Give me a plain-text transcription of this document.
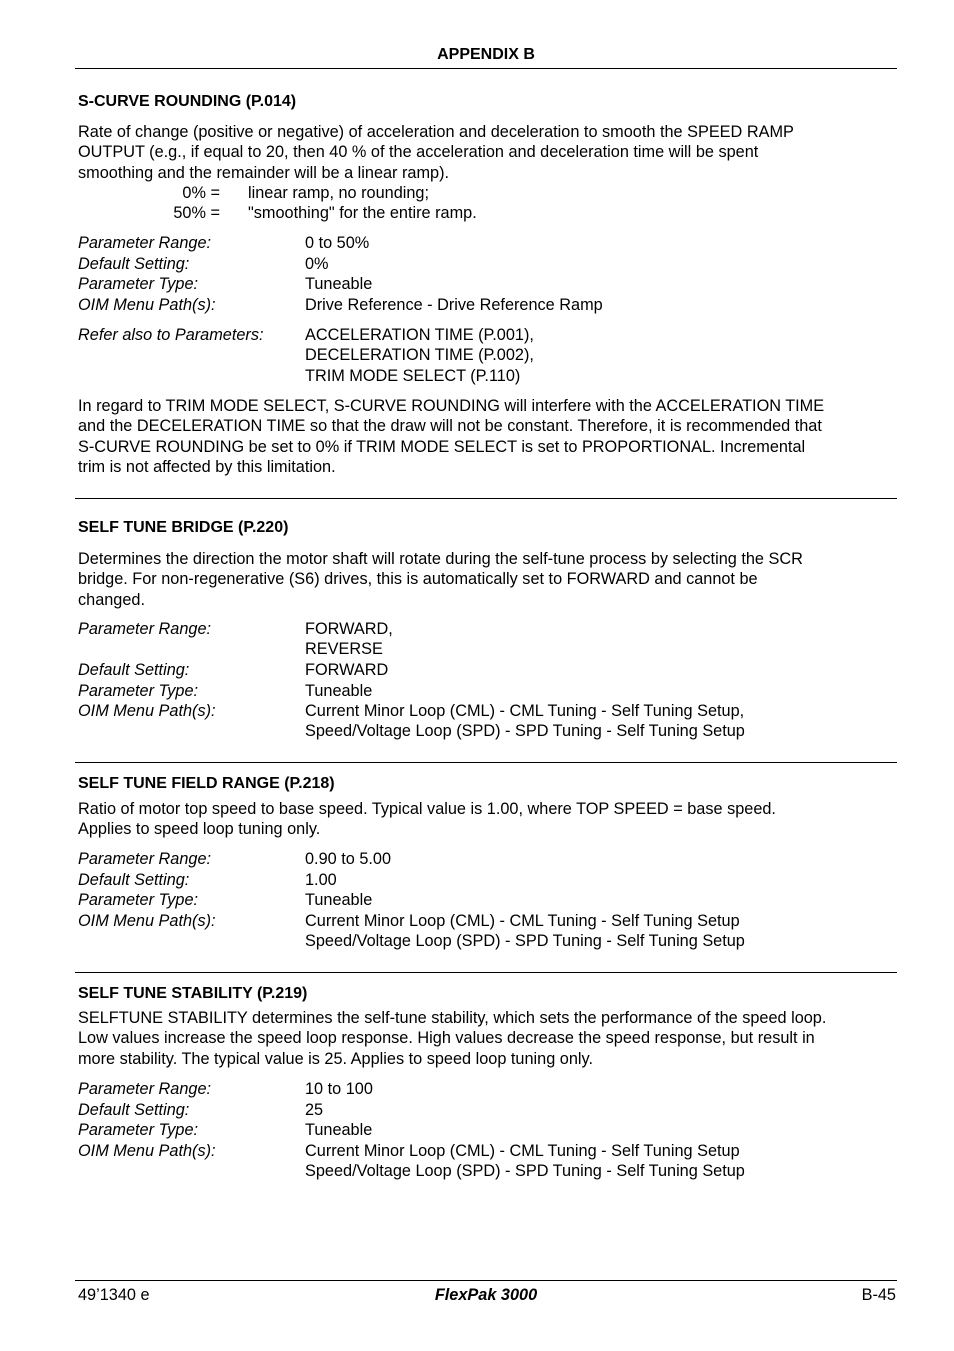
APPENDIX B
S-CURVE ROUNDING (P.014)
Rate of change (positive or negative) of acceleration and deceleration to smooth the SPEED RAMP
OUTPUT (e.g., if equal to 20, then 40 % of the acceleration and deceleration time will be spent
smoothing and the remainder will be a linear ramp).
0% = linear ramp, no rounding;
50% = "smoothing" for the entire ramp.
Parameter Range:	0 to 50%
Default Setting:	0%
Parameter Type:	Tuneable
OIM Menu Path(s):	Drive Reference - Drive Reference Ramp
Refer also to Parameters:	ACCELERATION TIME (P.001),
DECELERATION TIME (P.002),
TRIM MODE SELECT (P.110)
In regard to TRIM MODE SELECT, S-CURVE ROUNDING will interfere with the ACCELERATION TIME
and the DECELERATION TIME so that the draw will not be constant. Therefore, it is recommended that
S-CURVE ROUNDING be set to 0% if TRIM MODE SELECT is set to PROPORTIONAL. Incremental
trim is not affected by this limitation.
SELF TUNE BRIDGE (P.220)
Determines the direction the motor shaft will rotate during the self-tune process by selecting the SCR
bridge. For non-regenerative (S6) drives, this is automatically set to FORWARD and cannot be
changed.
Parameter Range:	FORWARD,
REVERSE
Default Setting:	FORWARD
Parameter Type:	Tuneable
OIM Menu Path(s):	Current Minor Loop (CML) - CML Tuning - Self Tuning Setup,
Speed/Voltage Loop (SPD) - SPD Tuning - Self Tuning Setup
SELF TUNE FIELD RANGE (P.218)
Ratio of motor top speed to base speed. Typical value is 1.00, where TOP SPEED = base speed.
Applies to speed loop tuning only.
Parameter Range:	0.90 to 5.00
Default Setting:	1.00
Parameter Type:	Tuneable
OIM Menu Path(s):	Current Minor Loop (CML) - CML Tuning - Self Tuning Setup
Speed/Voltage Loop (SPD) - SPD Tuning - Self Tuning Setup
SELF TUNE STABILITY (P.219)
SELFTUNE STABILITY determines the self-tune stability, which sets the performance of the speed loop.
Low values increase the speed loop response. High values decrease the speed response, but result in
more stability. The typical value is 25. Applies to speed loop tuning only.
Parameter Range:	10 to 100
Default Setting:	25
Parameter Type:	Tuneable
OIM Menu Path(s):	Current Minor Loop (CML) - CML Tuning - Self Tuning Setup
Speed/Voltage Loop (SPD) - SPD Tuning - Self Tuning Setup
49’1340 e	FlexPak 3000	B-45
